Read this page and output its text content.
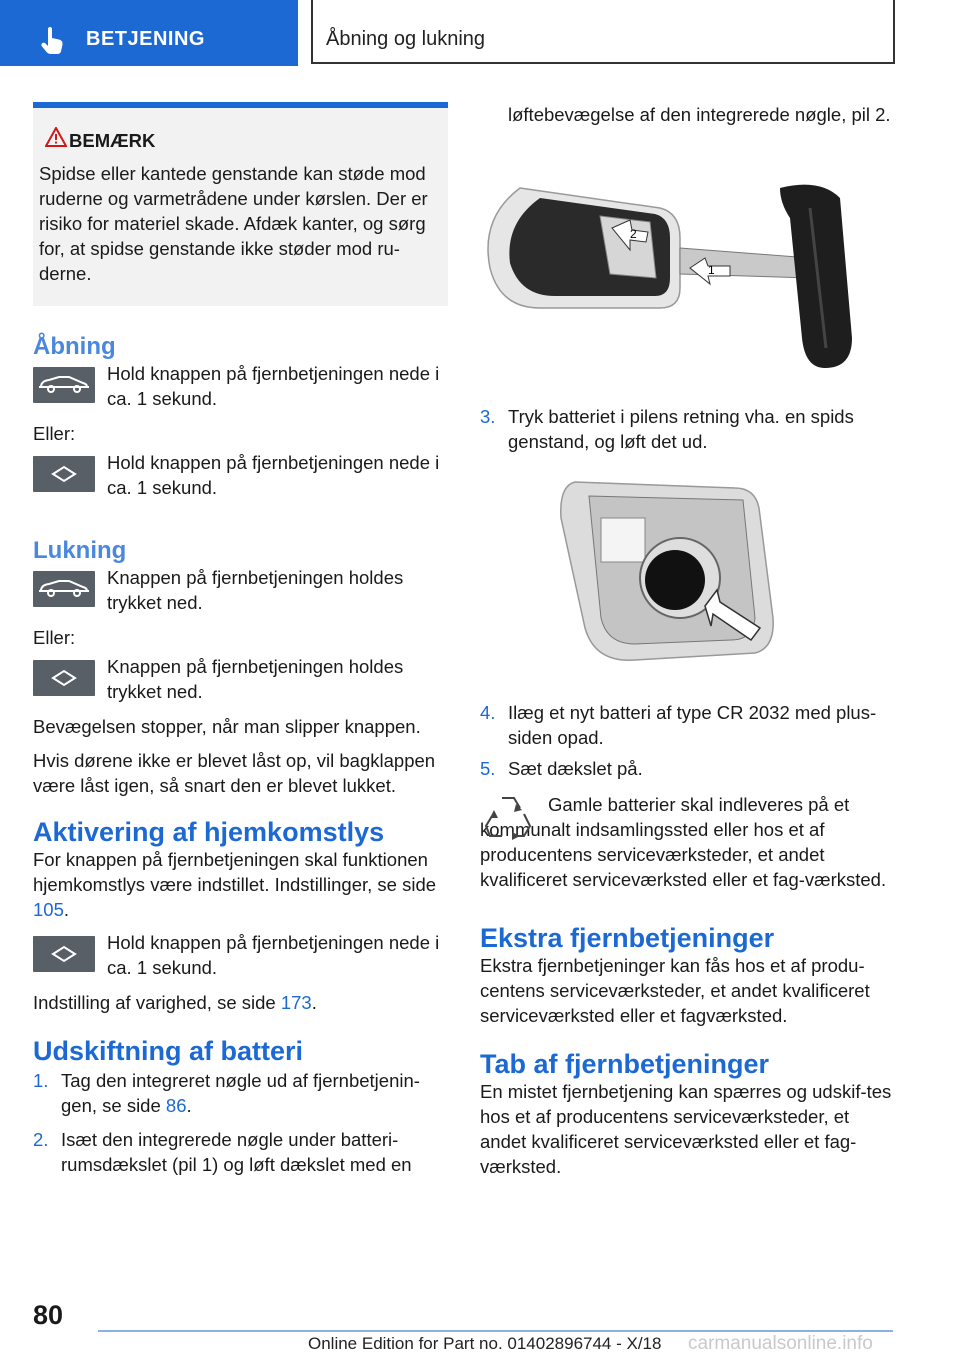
BETJENING	Åbning og lukning
BEMÆRK

Spidse eller kantede genstande kan støde mod ruderne og varmetrådene under kørslen. Der er risiko for materiel skade. Afdæk kanter, og sørg for, at spidse genstande ikke støder mod ru-derne.

Åbning

Hold knappen på fjernbetjeningen nede i ca. 1 sekund.

Eller:

Hold knappen på fjernbetjeningen nede i ca. 1 sekund.

Lukning

Knappen på fjernbetjeningen holdes trykket ned.

Eller:

Knappen på fjernbetjeningen holdes trykket ned.

Bevægelsen stopper, når man slipper knappen.

Hvis dørene ikke er blevet låst op, vil bagklappen være låst igen, så snart den er blevet lukket.

Aktivering af hjemkomstlys

For knappen på fjernbetjeningen skal funktionen hjemkomstlys være indstillet. Indstillinger, se side 105.

Hold knappen på fjernbetjeningen nede i ca. 1 sekund.

Indstilling af varighed, se side 173.

Udskiftning af batteri
1. Tag den integreret nøgle ud af fjernbetjenin-gen, se side 86.
2. Isæt den integrerede nøgle under batteri-rumsdækslet (pil 1) og løft dækslet med en
løftebevægelse af den integrerede nøgle, pil 2.
2
1
3. Tryk batteriet i pilens retning vha. en spids genstand, og løft det ud.
4. Ilæg et nyt batteri af type CR 2032 med plus-siden opad.
5. Sæt dækslet på.

Gamle batterier skal indleveres på et kommunalt indsamlingssted eller hos et af producentens serviceværksteder, et andet kvalificeret serviceværksted eller et fag-værksted.

Ekstra fjernbetjeninger

Ekstra fjernbetjeninger kan fås hos et af produ-centens serviceværksteder, et andet kvalificeret serviceværksted eller et fagværksted.

Tab af fjernbetjeninger

En mistet fjernbetjening kan spærres og udskif-tes hos et af producentens serviceværksteder, et andet kvalificeret serviceværksted eller et fag-værksted.

80
Online Edition for Part no. 01402896744 - X/18 carmanualsonline.info
